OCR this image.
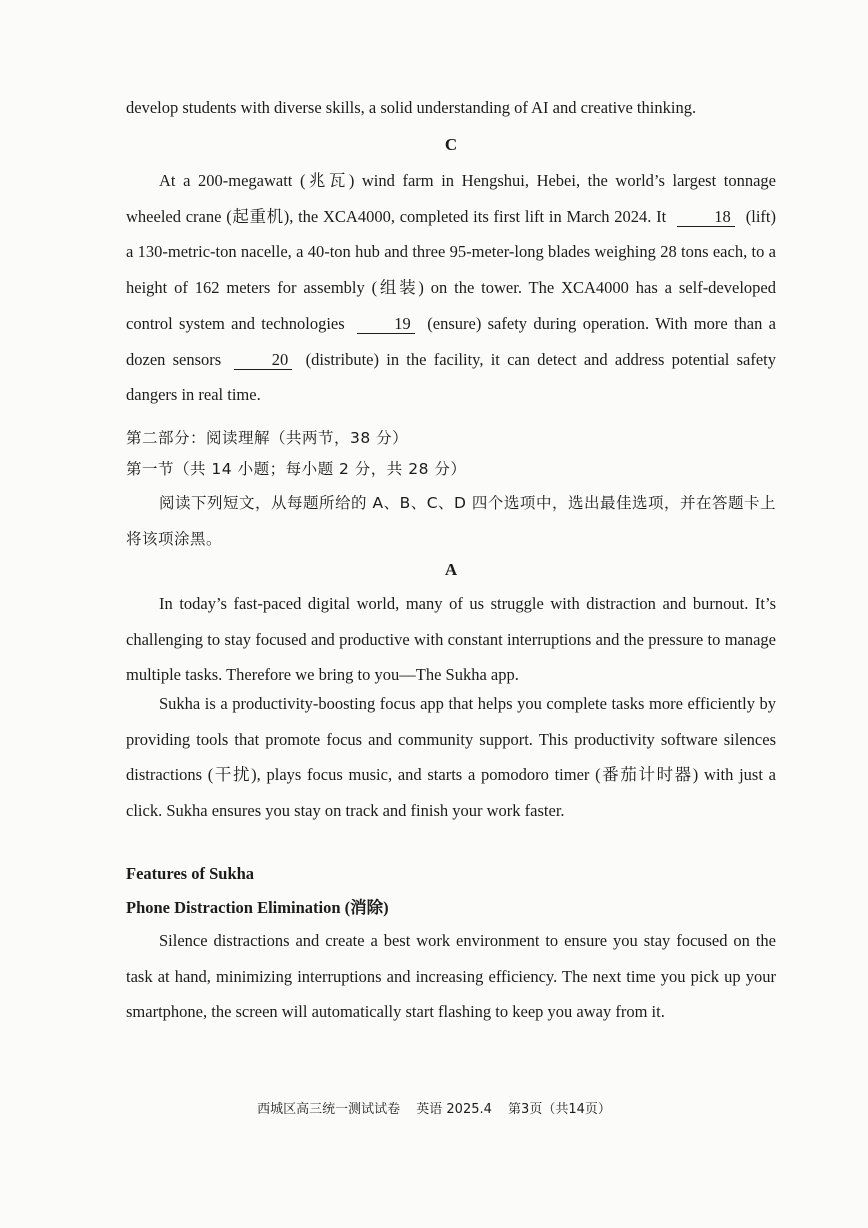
develop students with diverse skills, a solid understanding of AI and creative thinking.

C

At a 200-megawatt (兆瓦) wind farm in Hengshui, Hebei, the world’s largest tonnage wheeled crane (起重机), the XCA4000, completed its first lift in March 2024. It	18 (lift) a 130-metric-ton nacelle, a 40-ton hub and three 95-meter-long blades weighing 28 tons each, to a height of 162 meters for assembly (组装) on the tower. The XCA4000 has a self-developed control system and technologies	19 (ensure) safety during operation. With more than a dozen sensors	20 (distribute) in the facility, it can detect and address potential safety dangers in real time.

第二部分：阅读理解（共两节，38 分）

第一节（共 14 小题；每小题 2 分，共 28 分）

阅读下列短文，从每题所给的 A、B、C、D 四个选项中，选出最佳选项，并在答题卡上将该项涂黑。

A

In today’s fast-paced digital world, many of us struggle with distraction and burnout. It’s challenging to stay focused and productive with constant interruptions and the pressure to manage multiple tasks. Therefore we bring to you—The Sukha app.

Sukha is a productivity-boosting focus app that helps you complete tasks more efficiently by providing tools that promote focus and community support. This productivity software silences distractions (干扰), plays focus music, and starts a pomodoro timer (番茄计时器) with just a click. Sukha ensures you stay on track and finish your work faster.

Features of Sukha

Phone Distraction Elimination (消除)

Silence distractions and create a best work environment to ensure you stay focused on the task at hand, minimizing interruptions and increasing efficiency. The next time you pick up your smartphone, the screen will automatically start flashing to keep you away from it.

西城区高三统一测试试卷 英语 2025.4 第3页（共14页）
